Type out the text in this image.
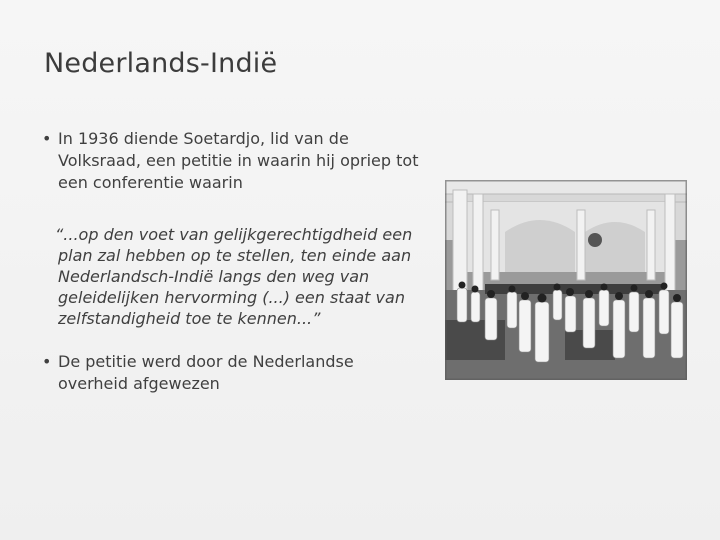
Nederlands-Indië
• In 1936 diende Soetardjo, lid van de Volksraad, een petitie in waarin hij opriep tot een conferentie waarin
“...op den voet van gelijkgerechtigdheid een plan zal hebben op te stellen, ten einde aan Nederlandsch-Indië langs den weg van geleidelijken hervorming (...) een staat van zelfstandigheid toe te kennen...”
• De petitie werd door de Nederlandse overheid afgewezen
